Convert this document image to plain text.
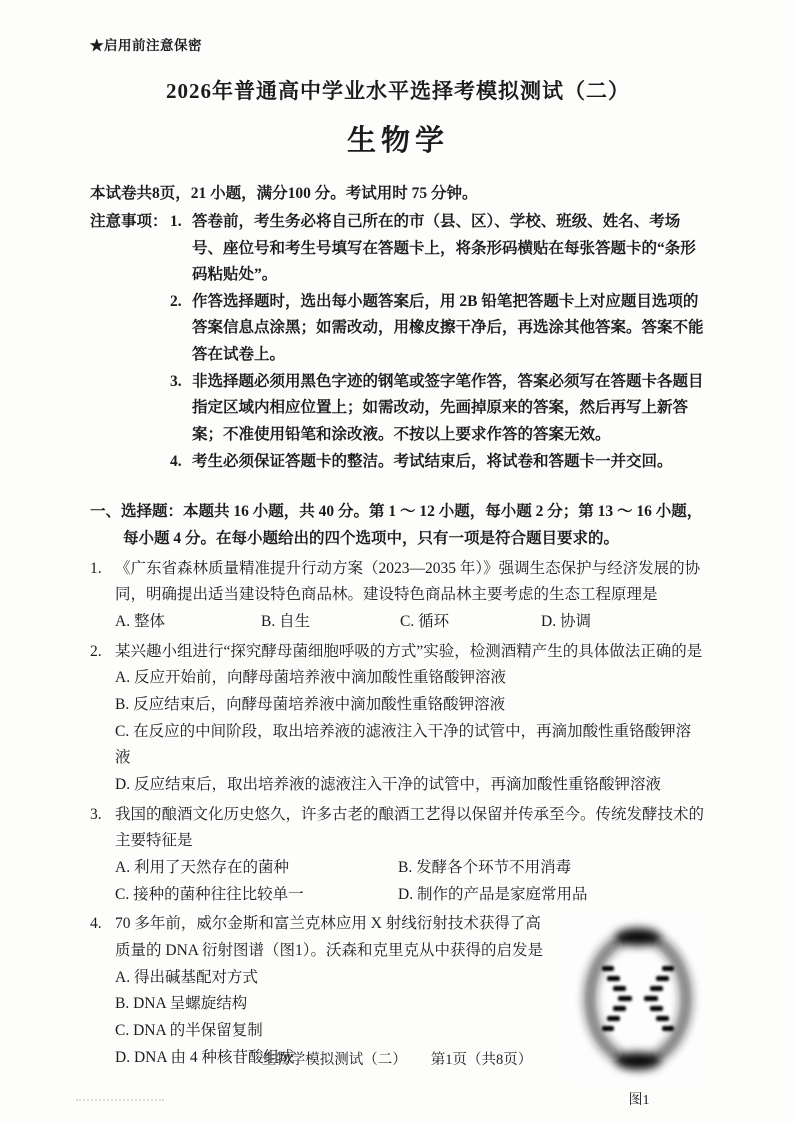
★启用前注意保密
2026年普通高中学业水平选择考模拟测试（二）
生物学
本试卷共8页，21 小题，满分100 分。考试用时 75 分钟。
注意事项： 1. 答卷前，考生务必将自己所在的市（县、区）、学校、班级、姓名、考场号、座位号和考生号填写在答题卡上，将条形码横贴在每张答题卡的“条形码粘贴处”。
2. 作答选择题时，选出每小题答案后，用 2B 铅笔把答题卡上对应题目选项的答案信息点涂黑；如需改动，用橡皮擦干净后，再选涂其他答案。答案不能答在试卷上。
3. 非选择题必须用黑色字迹的钢笔或签字笔作答，答案必须写在答题卡各题目指定区域内相应位置上；如需改动，先画掉原来的答案，然后再写上新答案；不准使用铅笔和涂改液。不按以上要求作答的答案无效。
4. 考生必须保证答题卡的整洁。考试结束后，将试卷和答题卡一并交回。
一、选择题：本题共 16 小题，共 40 分。第 1 ～ 12 小题，每小题 2 分；第 13 ～ 16 小题，每小题 4 分。在每小题给出的四个选项中，只有一项是符合题目要求的。
1. 《广东省森林质量精准提升行动方案（2023—2035 年）》强调生态保护与经济发展的协同，明确提出适当建设特色商品林。建设特色商品林主要考虑的生态工程原理是
A. 整体	B. 自生	C. 循环	D. 协调
2. 某兴趣小组进行“探究酵母菌细胞呼吸的方式”实验，检测酒精产生的具体做法正确的是
A. 反应开始前，向酵母菌培养液中滴加酸性重铬酸钾溶液
B. 反应结束后，向酵母菌培养液中滴加酸性重铬酸钾溶液
C. 在反应的中间阶段，取出培养液的滤液注入干净的试管中，再滴加酸性重铬酸钾溶液
D. 反应结束后，取出培养液的滤液注入干净的试管中，再滴加酸性重铬酸钾溶液
3. 我国的酿酒文化历史悠久，许多古老的酿酒工艺得以保留并传承至今。传统发酵技术的主要特征是
A. 利用了天然存在的菌种	B. 发酵各个环节不用消毒
C. 接种的菌种往往比较单一	D. 制作的产品是家庭常用品
图1
4. 70 多年前，威尔金斯和富兰克林应用 X 射线衍射技术获得了高质量的 DNA 衍射图谱（图1）。沃森和克里克从中获得的启发是
A. 得出碱基配对方式
B. DNA 呈螺旋结构
C. DNA 的半保留复制
D. DNA 由 4 种核苷酸组成
生物学模拟测试（二） 第1页（共8页）
